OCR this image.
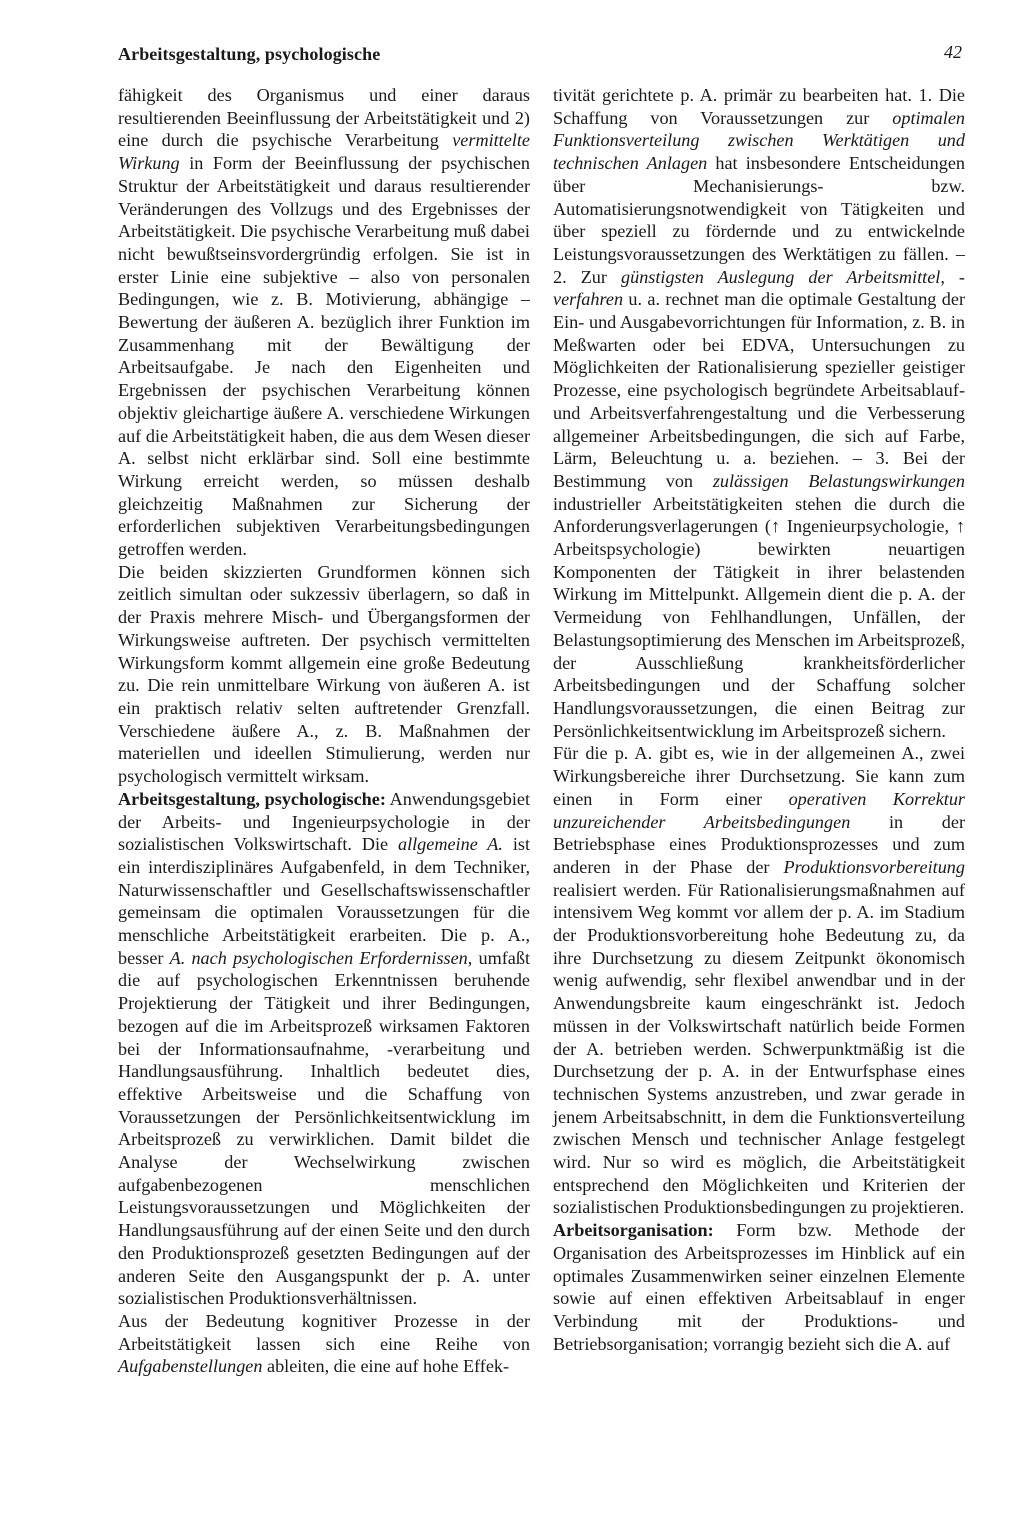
Arbeitsgestaltung, psychologische	42

fähigkeit des Organismus und einer daraus resultierenden Beeinflussung der Arbeitstätigkeit und 2) eine durch die psychische Verarbeitung vermittelte Wirkung in Form der Beeinflussung der psychischen Struktur der Arbeitstätigkeit und daraus resultierender Veränderungen des Vollzugs und des Ergebnisses der Arbeitstätigkeit. Die psychische Verarbeitung muß dabei nicht bewußtseinsvordergründig erfolgen. Sie ist in erster Linie eine subjektive – also von personalen Bedingungen, wie z. B. Motivierung, abhängige – Bewertung der äußeren A. bezüglich ihrer Funktion im Zusammenhang mit der Bewältigung der Arbeitsaufgabe. Je nach den Eigenheiten und Ergebnissen der psychischen Verarbeitung können objektiv gleichartige äußere A. verschiedene Wirkungen auf die Arbeitstätigkeit haben, die aus dem Wesen dieser A. selbst nicht erklärbar sind. Soll eine bestimmte Wirkung erreicht werden, so müssen deshalb gleichzeitig Maßnahmen zur Sicherung der erforderlichen subjektiven Verarbeitungsbedingungen getroffen werden.

Die beiden skizzierten Grundformen können sich zeitlich simultan oder sukzessiv überlagern, so daß in der Praxis mehrere Misch- und Übergangsformen der Wirkungsweise auftreten. Der psychisch vermittelten Wirkungsform kommt allgemein eine große Bedeutung zu. Die rein unmittelbare Wirkung von äußeren A. ist ein praktisch relativ selten auftretender Grenzfall. Verschiedene äußere A., z. B. Maßnahmen der materiellen und ideellen Stimulierung, werden nur psychologisch vermittelt wirksam.

Arbeitsgestaltung, psychologische: Anwendungsgebiet der Arbeits- und Ingenieurpsychologie in der sozialistischen Volkswirtschaft. Die allgemeine A. ist ein interdisziplinäres Aufgabenfeld, in dem Techniker, Naturwissenschaftler und Gesellschaftswissenschaftler gemeinsam die optimalen Voraussetzungen für die menschliche Arbeitstätigkeit erarbeiten. Die p. A., besser A. nach psychologischen Erfordernissen, umfaßt die auf psychologischen Erkenntnissen beruhende Projektierung der Tätigkeit und ihrer Bedingungen, bezogen auf die im Arbeitsprozeß wirksamen Faktoren bei der Informationsaufnahme, -verarbeitung und Handlungsausführung. Inhaltlich bedeutet dies, effektive Arbeitsweise und die Schaffung von Voraussetzungen der Persönlichkeitsentwicklung im Arbeitsprozeß zu verwirklichen. Damit bildet die Analyse der Wechselwirkung zwischen aufgabenbezogenen menschlichen Leistungsvoraussetzungen und Möglichkeiten der Handlungsausführung auf der einen Seite und den durch den Produktionsprozeß gesetzten Bedingungen auf der anderen Seite den Ausgangspunkt der p. A. unter sozialistischen Produktionsverhältnissen.

Aus der Bedeutung kognitiver Prozesse in der Arbeitstätigkeit lassen sich eine Reihe von Aufgabenstellungen ableiten, die eine auf hohe Effek-

tivität gerichtete p. A. primär zu bearbeiten hat. 1. Die Schaffung von Voraussetzungen zur optimalen Funktionsverteilung zwischen Werktätigen und technischen Anlagen hat insbesondere Entscheidungen über Mechanisierungs- bzw. Automatisierungsnotwendigkeit von Tätigkeiten und über speziell zu fördernde und zu entwickelnde Leistungsvoraussetzungen des Werktätigen zu fällen. – 2. Zur günstigsten Auslegung der Arbeitsmittel, -verfahren u. a. rechnet man die optimale Gestaltung der Ein- und Ausgabevorrichtungen für Information, z. B. in Meßwarten oder bei EDVA, Untersuchungen zu Möglichkeiten der Rationalisierung spezieller geistiger Prozesse, eine psychologisch begründete Arbeitsablauf- und Arbeitsverfahrengestaltung und die Verbesserung allgemeiner Arbeitsbedingungen, die sich auf Farbe, Lärm, Beleuchtung u. a. beziehen. – 3. Bei der Bestimmung von zulässigen Belastungswirkungen industrieller Arbeitstätigkeiten stehen die durch die Anforderungsverlagerungen (↑ Ingenieurpsychologie, ↑ Arbeitspsychologie) bewirkten neuartigen Komponenten der Tätigkeit in ihrer belastenden Wirkung im Mittelpunkt. Allgemein dient die p. A. der Vermeidung von Fehlhandlungen, Unfällen, der Belastungsoptimierung des Menschen im Arbeitsprozeß, der Ausschließung krankheitsförderlicher Arbeitsbedingungen und der Schaffung solcher Handlungsvoraussetzungen, die einen Beitrag zur Persönlichkeitsentwicklung im Arbeitsprozeß sichern.

Für die p. A. gibt es, wie in der allgemeinen A., zwei Wirkungsbereiche ihrer Durchsetzung. Sie kann zum einen in Form einer operativen Korrektur unzureichender Arbeitsbedingungen in der Betriebsphase eines Produktionsprozesses und zum anderen in der Phase der Produktionsvorbereitung realisiert werden. Für Rationalisierungsmaßnahmen auf intensivem Weg kommt vor allem der p. A. im Stadium der Produktionsvorbereitung hohe Bedeutung zu, da ihre Durchsetzung zu diesem Zeitpunkt ökonomisch wenig aufwendig, sehr flexibel anwendbar und in der Anwendungsbreite kaum eingeschränkt ist. Jedoch müssen in der Volkswirtschaft natürlich beide Formen der A. betrieben werden. Schwerpunktmäßig ist die Durchsetzung der p. A. in der Entwurfsphase eines technischen Systems anzustreben, und zwar gerade in jenem Arbeitsabschnitt, in dem die Funktionsverteilung zwischen Mensch und technischer Anlage festgelegt wird. Nur so wird es möglich, die Arbeitstätigkeit entsprechend den Möglichkeiten und Kriterien der sozialistischen Produktionsbedingungen zu projektieren.

Arbeitsorganisation: Form bzw. Methode der Organisation des Arbeitsprozesses im Hinblick auf ein optimales Zusammenwirken seiner einzelnen Elemente sowie auf einen effektiven Arbeitsablauf in enger Verbindung mit der Produktions- und Betriebsorganisation; vorrangig bezieht sich die A. auf
